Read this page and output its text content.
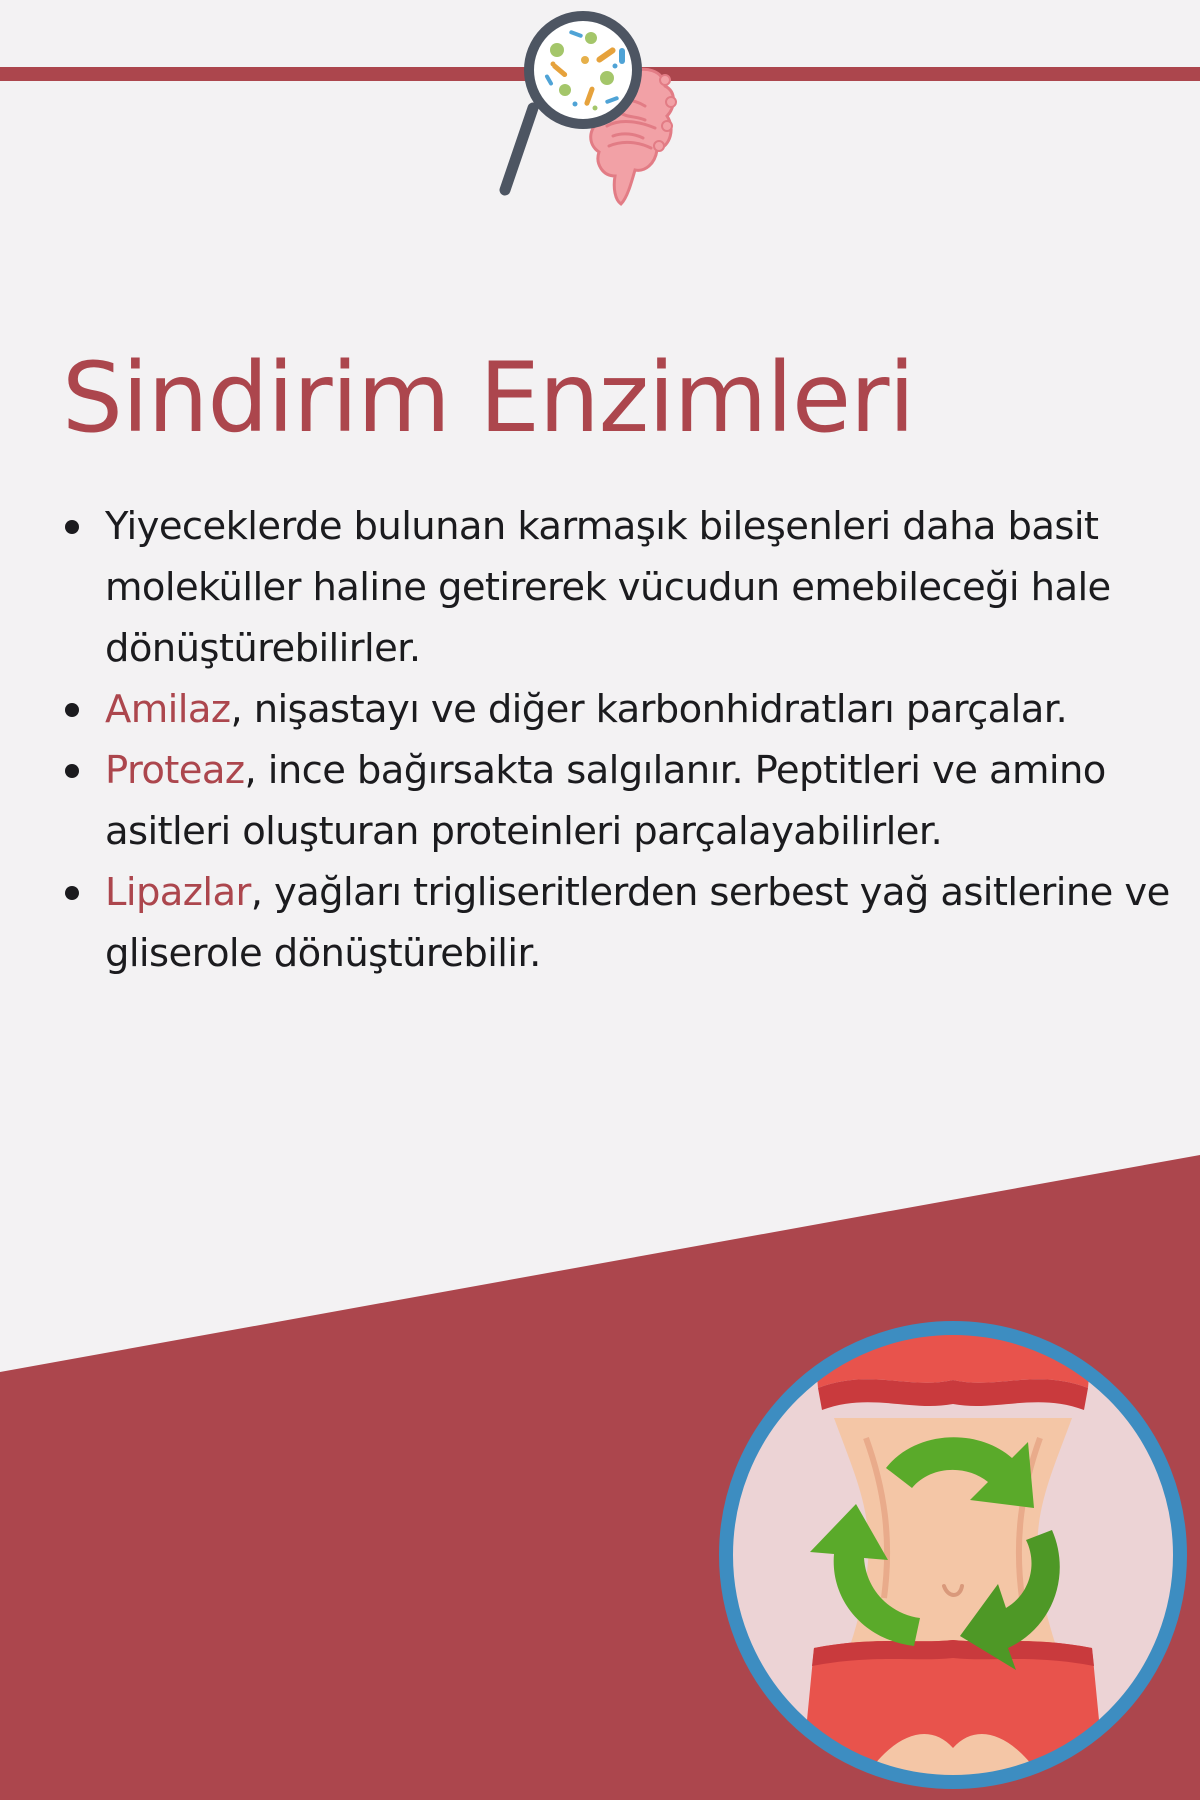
Sindirim Enzimleri
Yiyeceklerde bulunan karmaşık bileşenleri daha basit moleküller haline getirerek vücudun emebileceği hale dönüştürebilirler.
Amilaz, nişastayı ve diğer karbonhidratları parçalar.
Proteaz, ince bağırsakta salgılanır. Peptitleri ve amino asitleri oluşturan proteinleri parçalayabilirler.
Lipazlar, yağları trigliseritlerden serbest yağ asitlerine ve gliserole dönüştürebilir.
